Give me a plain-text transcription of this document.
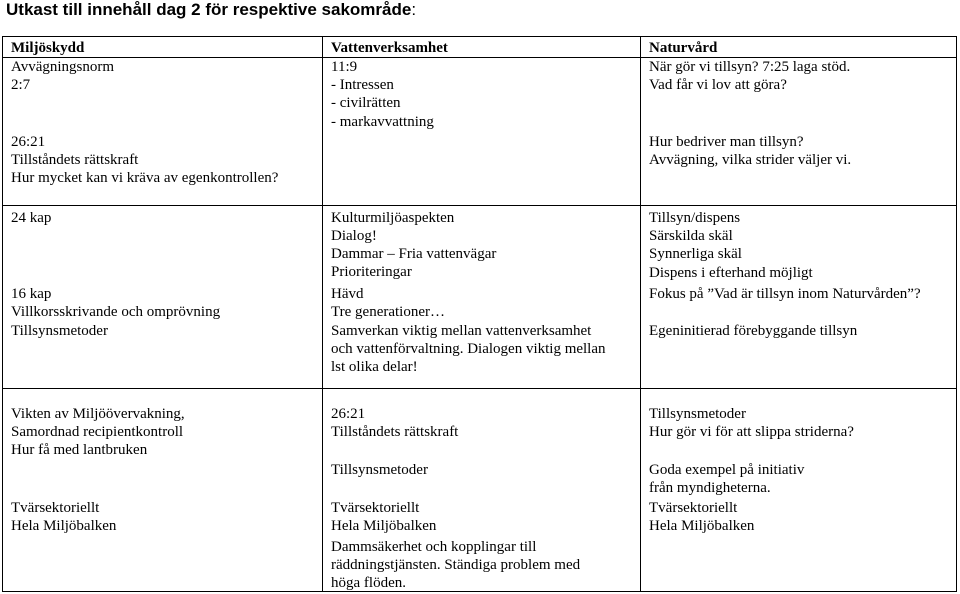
Utkast till innehåll dag 2 för respektive sakområde:
Miljöskydd	Vattenverksamhet	Naturvård
Avvägningsnorm
2:7
26:21
Tillståndets rättskraft
Hur mycket kan vi kräva av egenkontrollen?
11:9
- Intressen
- civilrätten
- markavvattning
När gör vi tillsyn? 7:25 laga stöd.
Vad får vi lov att göra?
Hur bedriver man tillsyn?
Avvägning, vilka strider väljer vi.
24 kap
16 kap
Villkorsskrivande och omprövning
Tillsynsmetoder
Kulturmiljöaspekten
Dialog!
Dammar – Fria vattenvägar
Prioriteringar
Hävd
Tre generationer…
Samverkan viktig mellan vattenverksamhet
och vattenförvaltning. Dialogen viktig mellan
lst olika delar!
Tillsyn/dispens
Särskilda skäl
Synnerliga skäl
Dispens i efterhand möjligt
Fokus på ”Vad är tillsyn inom Naturvården”?
Egeninitierad förebyggande tillsyn
Vikten av Miljöövervakning,
Samordnad recipientkontroll
Hur få med lantbruken
Tvärsektoriellt
Hela Miljöbalken
26:21
Tillståndets rättskraft
Tillsynsmetoder
Tvärsektoriellt
Hela Miljöbalken
Dammsäkerhet och kopplingar till
räddningstjänsten. Ständiga problem med
höga flöden.
Tillsynsmetoder
Hur gör vi för att slippa striderna?
Goda exempel på initiativ
från myndigheterna.
Tvärsektoriellt
Hela Miljöbalken
